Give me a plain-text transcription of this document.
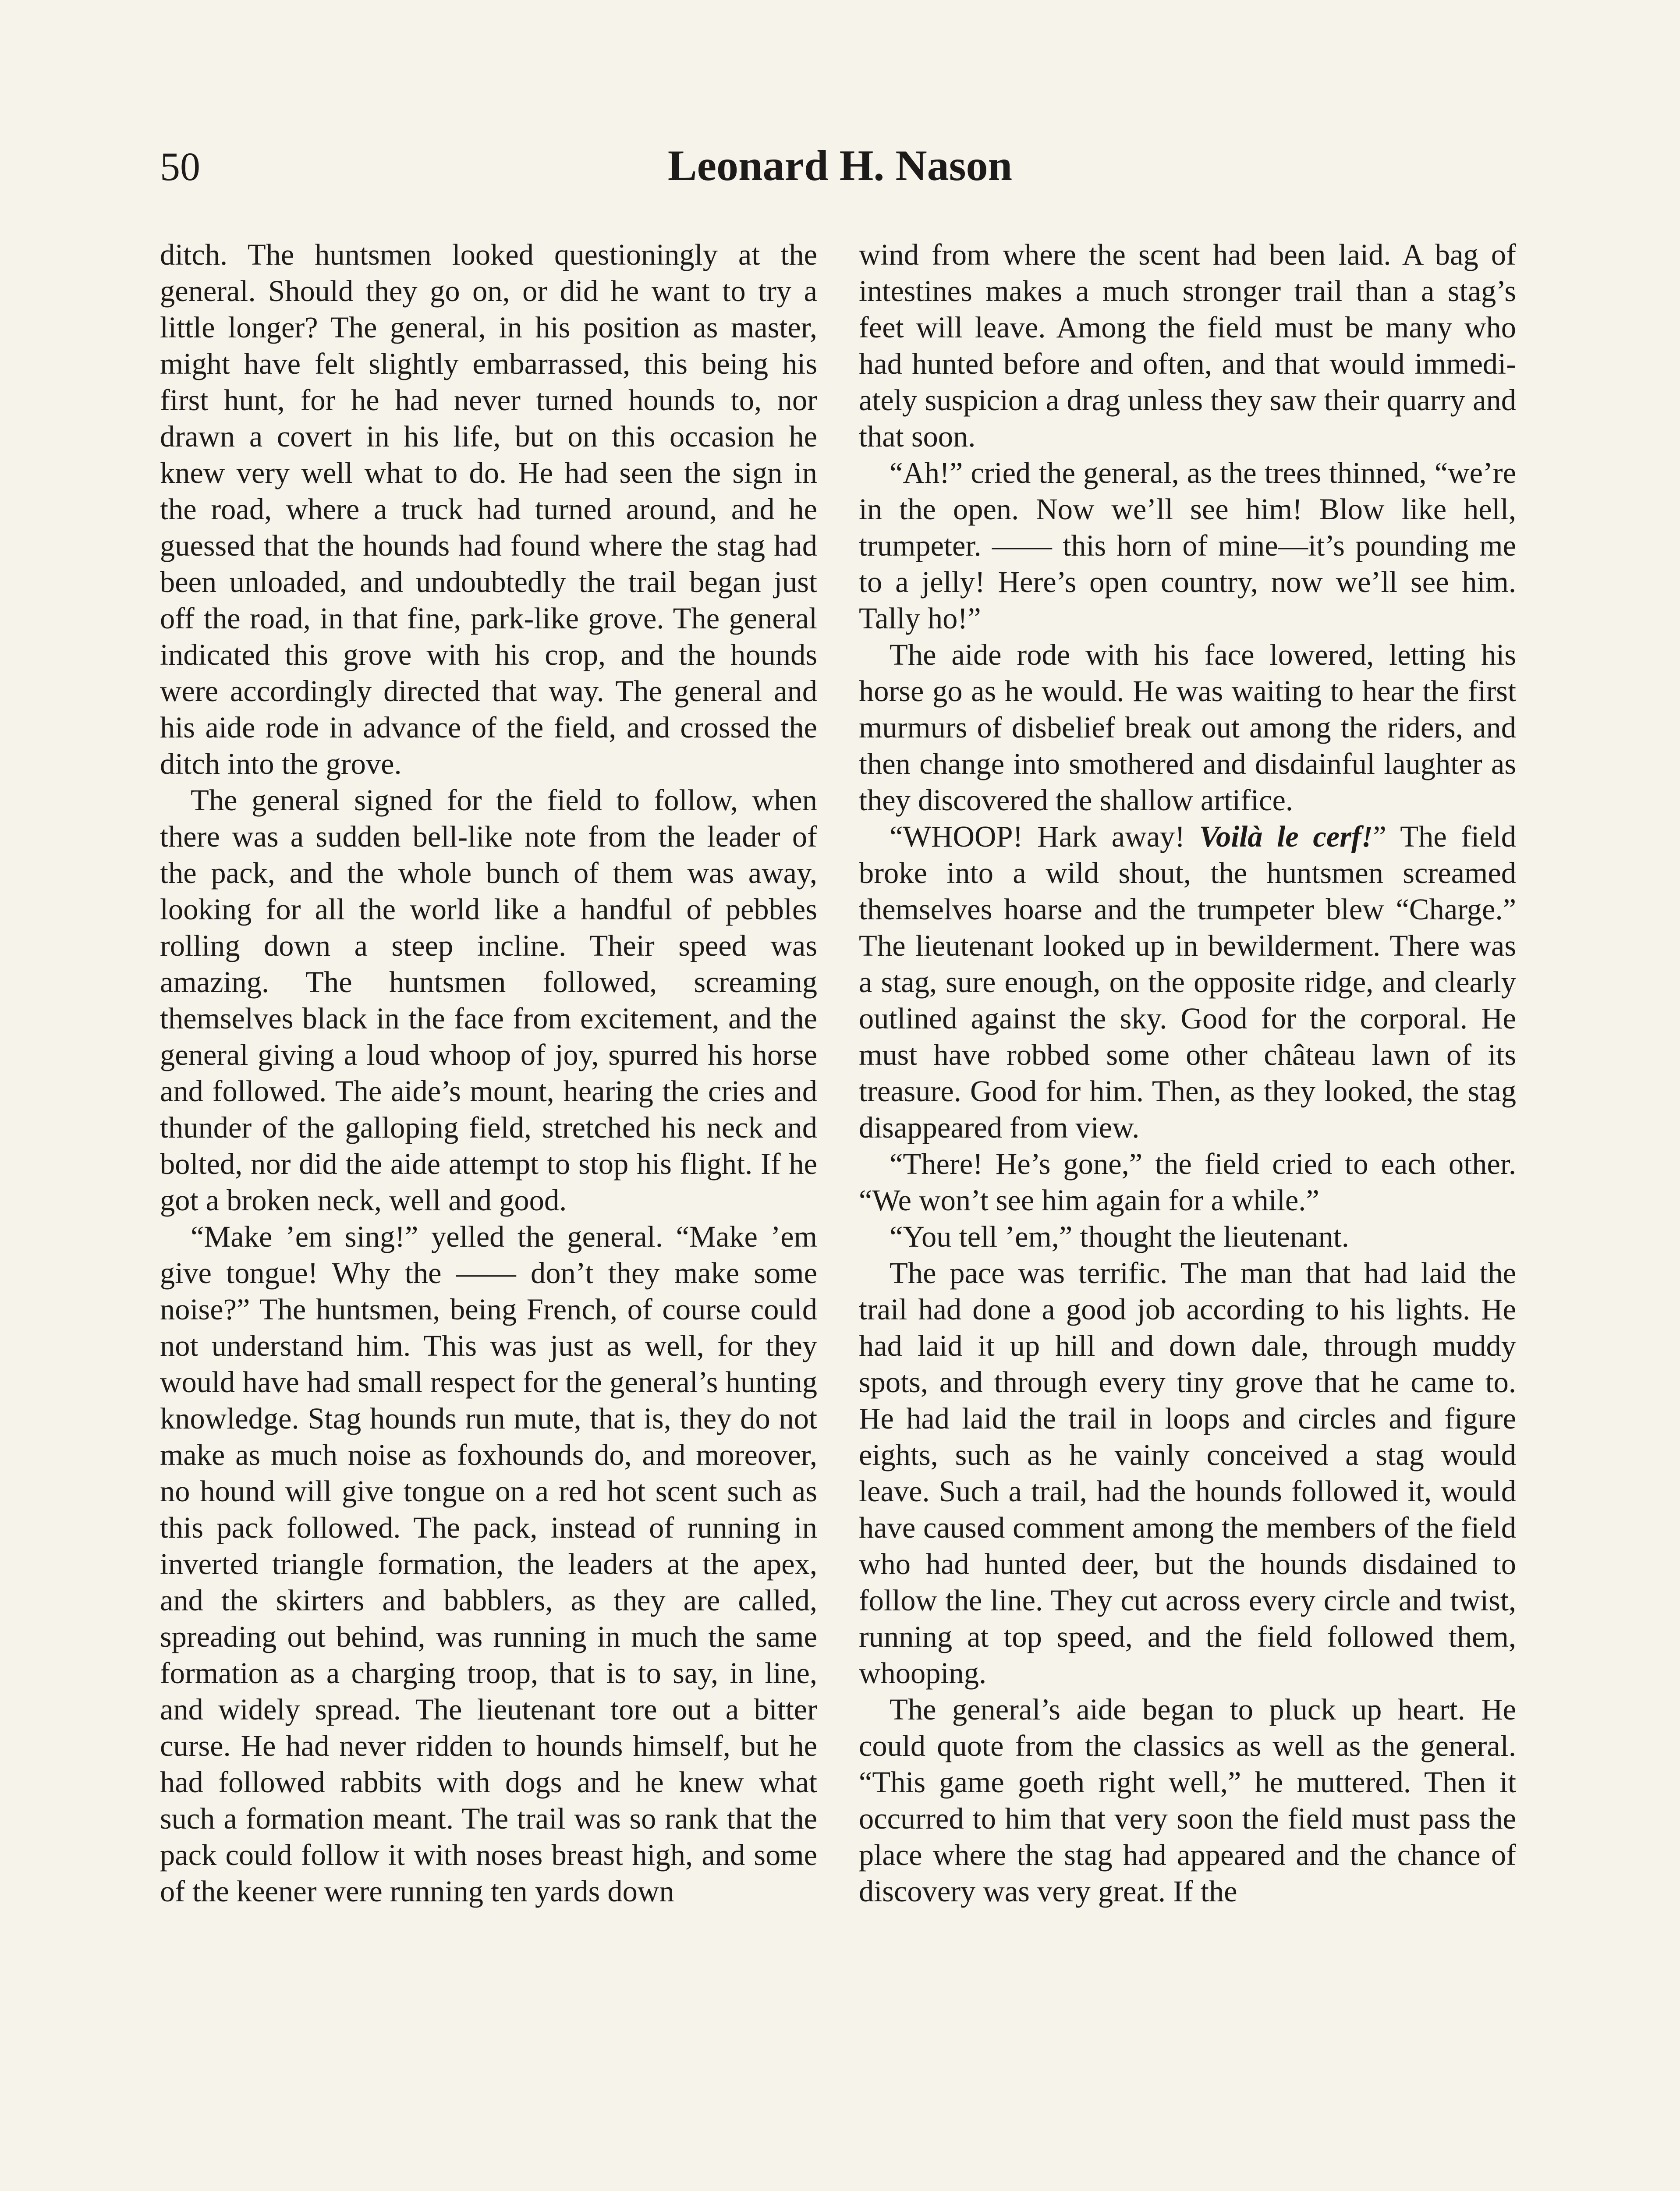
50	Leonard H. Nason

ditch. The huntsmen looked questioningly at the general. Should they go on, or did he want to try a little longer? The general, in his position as master, might have felt slightly embarrassed, this being his first hunt, for he had never turned hounds to, nor drawn a covert in his life, but on this occasion he knew very well what to do. He had seen the sign in the road, where a truck had turned around, and he guessed that the hounds had found where the stag had been unloaded, and undoubtedly the trail began just off the road, in that fine, park-like grove. The general indicated this grove with his crop, and the hounds were accordingly directed that way. The general and his aide rode in advance of the field, and crossed the ditch into the grove.

The general signed for the field to follow, when there was a sudden bell-like note from the leader of the pack, and the whole bunch of them was away, looking for all the world like a handful of pebbles rolling down a steep incline. Their speed was amazing. The huntsmen followed, screaming themselves black in the face from excitement, and the general giving a loud whoop of joy, spurred his horse and followed. The aide’s mount, hearing the cries and thunder of the galloping field, stretched his neck and bolted, nor did the aide attempt to stop his flight. If he got a broken neck, well and good.

“Make ’em sing!” yelled the general. “Make ’em give tongue! Why the —— don’t they make some noise?” The huntsmen, being French, of course could not understand him. This was just as well, for they would have had small respect for the general’s hunting knowledge. Stag hounds run mute, that is, they do not make as much noise as foxhounds do, and moreover, no hound will give tongue on a red hot scent such as this pack followed. The pack, instead of running in inverted triangle formation, the leaders at the apex, and the skirters and babblers, as they are called, spreading out behind, was running in much the same formation as a charging troop, that is to say, in line, and widely spread. The lieutenant tore out a bitter curse. He had never ridden to hounds himself, but he had followed rabbits with dogs and he knew what such a formation meant. The trail was so rank that the pack could follow it with noses breast high, and some of the keener were running ten yards down

wind from where the scent had been laid. A bag of intestines makes a much stronger trail than a stag’s feet will leave. Among the field must be many who had hunted before and often, and that would immediately suspicion a drag unless they saw their quarry and that soon.

“Ah!” cried the general, as the trees thinned, “we’re in the open. Now we’ll see him! Blow like hell, trumpeter. —— this horn of mine—it’s pounding me to a jelly! Here’s open country, now we’ll see him. Tally ho!”

The aide rode with his face lowered, letting his horse go as he would. He was waiting to hear the first murmurs of disbelief break out among the riders, and then change into smothered and disdainful laughter as they discovered the shallow artifice.

“WHOOP! Hark away! Voilà le cerf!” The field broke into a wild shout, the huntsmen screamed themselves hoarse and the trumpeter blew “Charge.” The lieutenant looked up in bewilderment. There was a stag, sure enough, on the opposite ridge, and clearly outlined against the sky. Good for the corporal. He must have robbed some other château lawn of its treasure. Good for him. Then, as they looked, the stag disappeared from view.

“There! He’s gone,” the field cried to each other. “We won’t see him again for a while.”

“You tell ’em,” thought the lieutenant.

The pace was terrific. The man that had laid the trail had done a good job according to his lights. He had laid it up hill and down dale, through muddy spots, and through every tiny grove that he came to. He had laid the trail in loops and circles and figure eights, such as he vainly conceived a stag would leave. Such a trail, had the hounds followed it, would have caused comment among the members of the field who had hunted deer, but the hounds disdained to follow the line. They cut across every circle and twist, running at top speed, and the field followed them, whooping.

The general’s aide began to pluck up heart. He could quote from the classics as well as the general. “This game goeth right well,” he muttered. Then it occurred to him that very soon the field must pass the place where the stag had appeared and the chance of discovery was very great. If the
